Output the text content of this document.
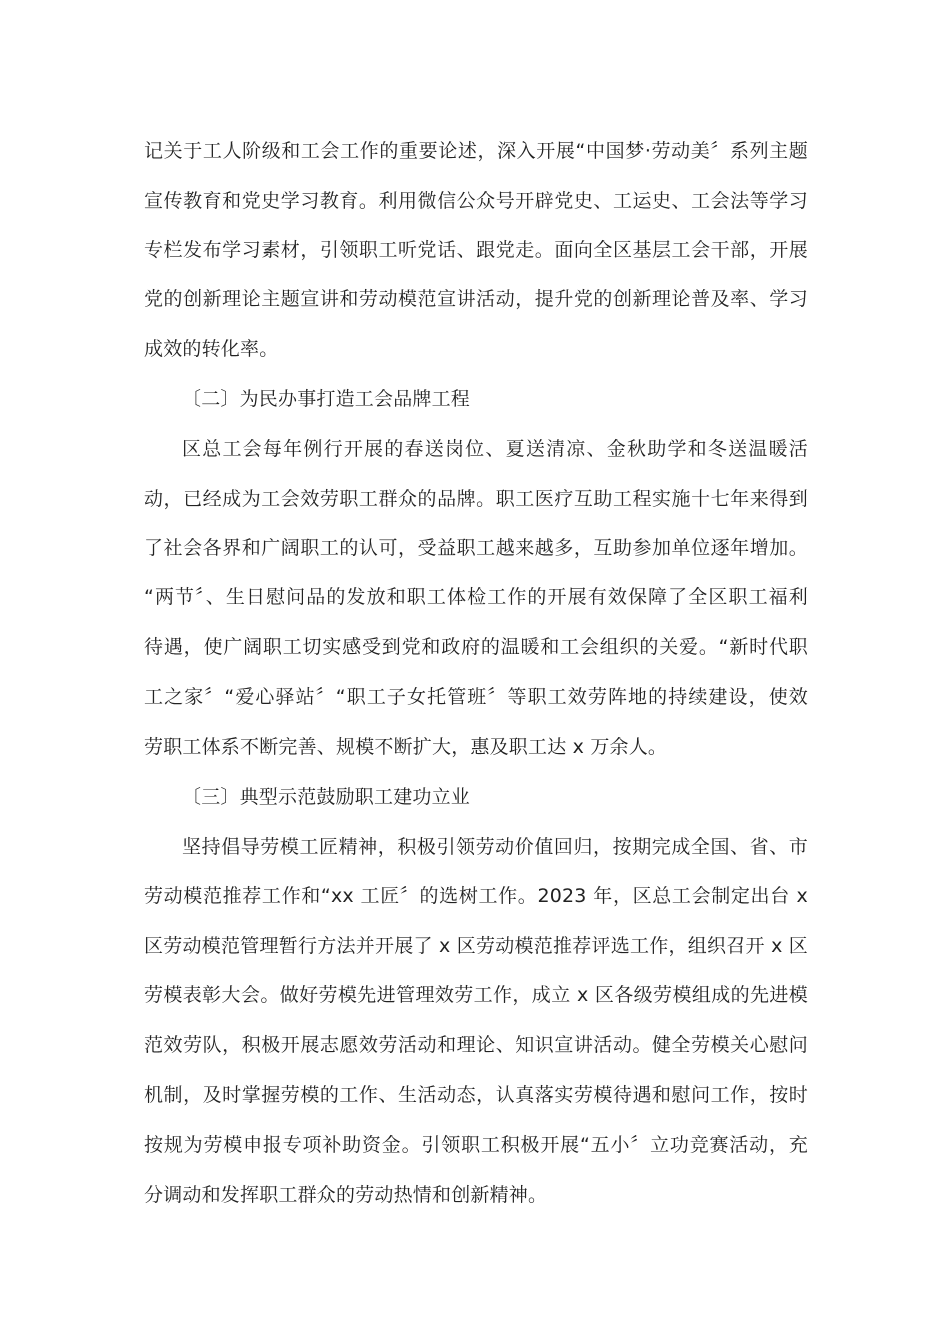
记关于工人阶级和工会工作的重要论述，深入开展“中国梦·劳动美〞系列主题
宣传教育和党史学习教育。利用微信公众号开辟党史、工运史、工会法等学习
专栏发布学习素材，引领职工听党话、跟党走。面向全区基层工会干部，开展
党的创新理论主题宣讲和劳动模范宣讲活动，提升党的创新理论普及率、学习
成效的转化率。
〔二〕为民办事打造工会品牌工程
区总工会每年例行开展的春送岗位、夏送清凉、金秋助学和冬送温暖活
动，已经成为工会效劳职工群众的品牌。职工医疗互助工程实施十七年来得到
了社会各界和广阔职工的认可，受益职工越来越多，互助参加单位逐年增加。
“两节〞、生日慰问品的发放和职工体检工作的开展有效保障了全区职工福利
待遇，使广阔职工切实感受到党和政府的温暖和工会组织的关爱。“新时代职
工之家〞“爱心驿站〞“职工子女托管班〞等职工效劳阵地的持续建设，使效
劳职工体系不断完善、规模不断扩大，惠及职工达 x 万余人。
〔三〕典型示范鼓励职工建功立业
坚持倡导劳模工匠精神，积极引领劳动价值回归，按期完成全国、省、市
劳动模范推荐工作和“xx 工匠〞的选树工作。2023 年，区总工会制定出台 x
区劳动模范管理暂行方法并开展了 x 区劳动模范推荐评选工作，组织召开 x 区
劳模表彰大会。做好劳模先进管理效劳工作，成立 x 区各级劳模组成的先进模
范效劳队，积极开展志愿效劳活动和理论、知识宣讲活动。健全劳模关心慰问
机制，及时掌握劳模的工作、生活动态，认真落实劳模待遇和慰问工作，按时
按规为劳模申报专项补助资金。引领职工积极开展“五小〞立功竞赛活动，充
分调动和发挥职工群众的劳动热情和创新精神。
